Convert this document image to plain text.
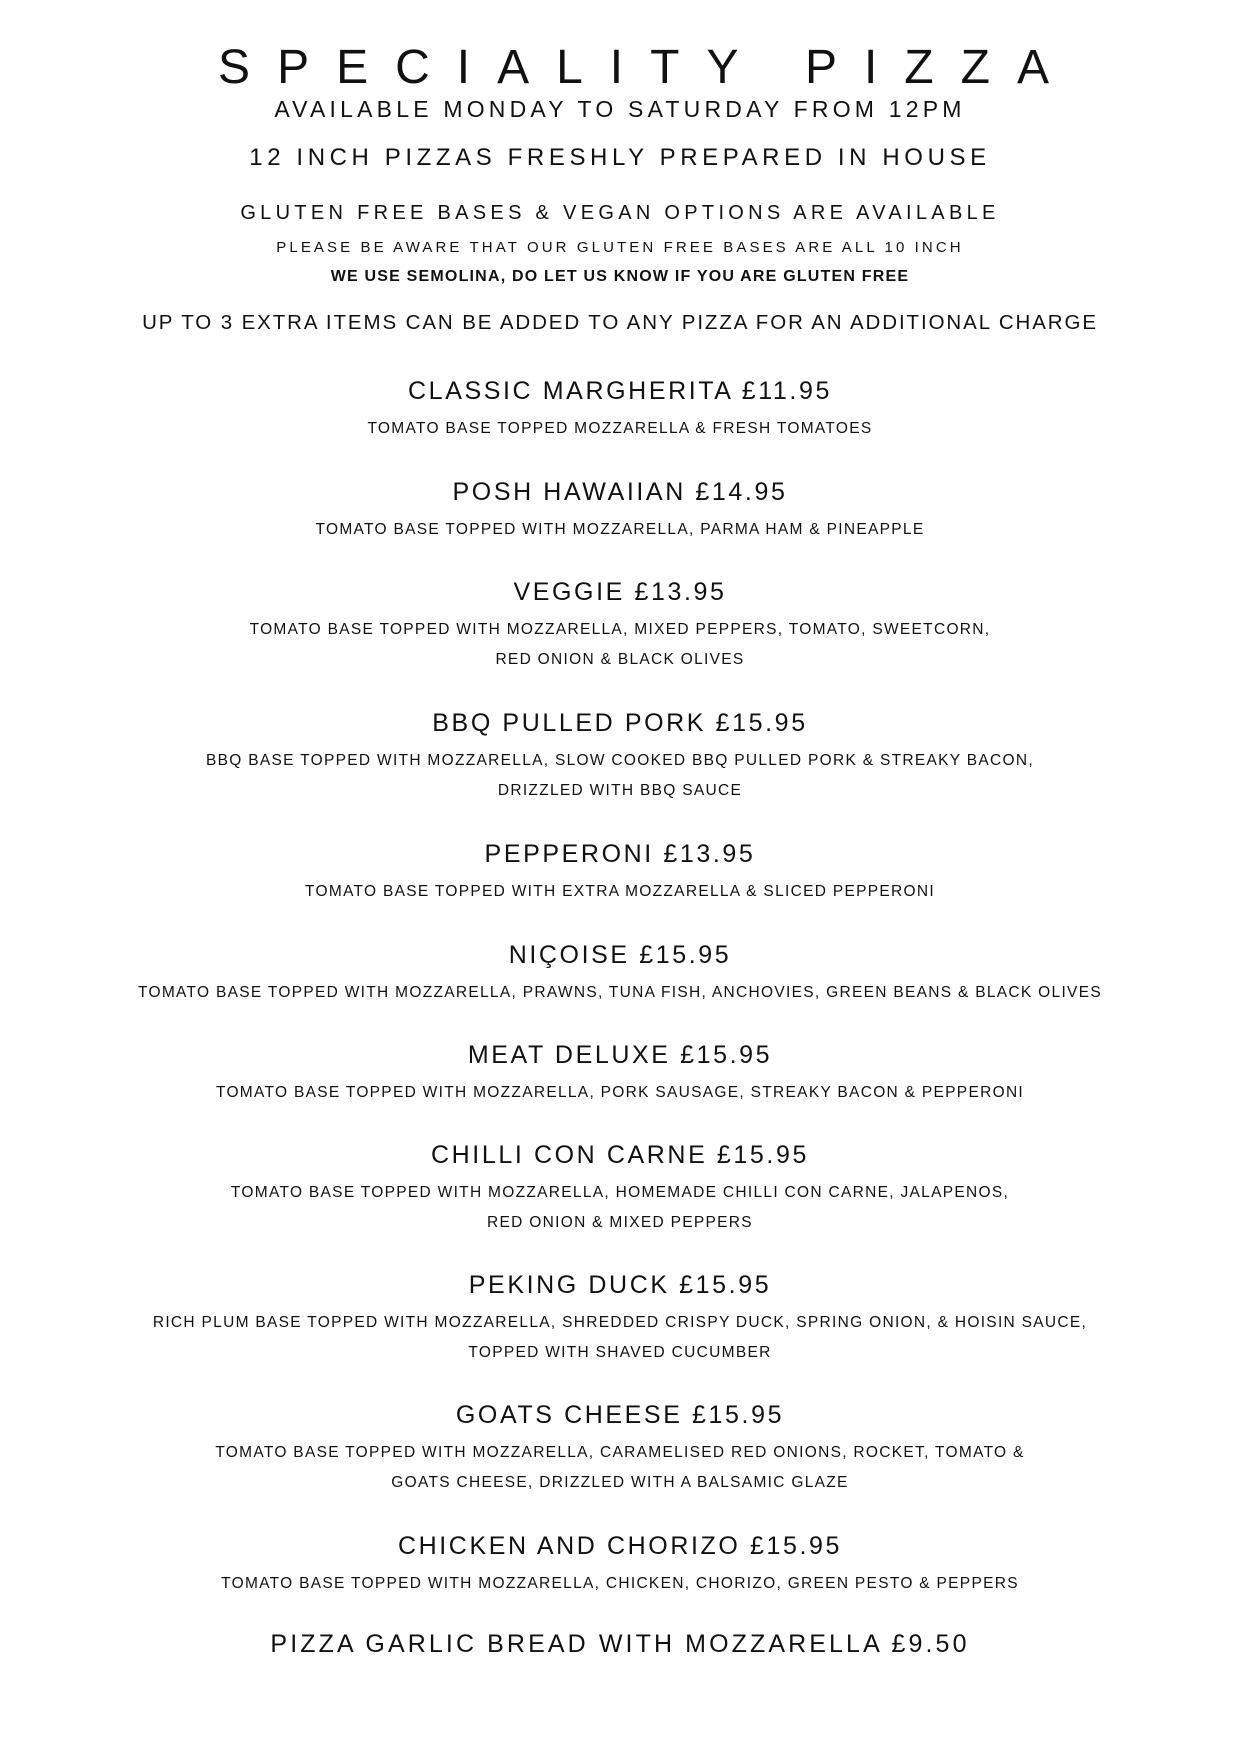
SPECIALITY PIZZA

AVAILABLE MONDAY TO SATURDAY FROM 12PM

12 INCH PIZZAS FRESHLY PREPARED IN HOUSE

GLUTEN FREE BASES & VEGAN OPTIONS ARE AVAILABLE

PLEASE BE AWARE THAT OUR GLUTEN FREE BASES ARE ALL 10 INCH

WE USE SEMOLINA, DO LET US KNOW IF YOU ARE GLUTEN FREE

UP TO 3 EXTRA ITEMS CAN BE ADDED TO ANY PIZZA FOR AN ADDITIONAL CHARGE

CLASSIC MARGHERITA £11.95

TOMATO BASE TOPPED MOZZARELLA & FRESH TOMATOES

POSH HAWAIIAN £14.95

TOMATO BASE TOPPED WITH MOZZARELLA, PARMA HAM & PINEAPPLE

VEGGIE £13.95

TOMATO BASE TOPPED WITH MOZZARELLA, MIXED PEPPERS, TOMATO, SWEETCORN,

RED ONION & BLACK OLIVES

BBQ PULLED PORK £15.95

BBQ BASE TOPPED WITH MOZZARELLA, SLOW COOKED BBQ PULLED PORK & STREAKY BACON,

DRIZZLED WITH BBQ SAUCE

PEPPERONI £13.95

TOMATO BASE TOPPED WITH EXTRA MOZZARELLA & SLICED PEPPERONI

NIÇOISE £15.95

TOMATO BASE TOPPED WITH MOZZARELLA, PRAWNS, TUNA FISH, ANCHOVIES, GREEN BEANS & BLACK OLIVES

MEAT DELUXE £15.95

TOMATO BASE TOPPED WITH MOZZARELLA, PORK SAUSAGE, STREAKY BACON & PEPPERONI

CHILLI CON CARNE £15.95

TOMATO BASE TOPPED WITH MOZZARELLA, HOMEMADE CHILLI CON CARNE, JALAPENOS,

RED ONION & MIXED PEPPERS

PEKING DUCK £15.95

RICH PLUM BASE TOPPED WITH MOZZARELLA, SHREDDED CRISPY DUCK, SPRING ONION, & HOISIN SAUCE,

TOPPED WITH SHAVED CUCUMBER

GOATS CHEESE £15.95

TOMATO BASE TOPPED WITH MOZZARELLA, CARAMELISED RED ONIONS, ROCKET, TOMATO &

GOATS CHEESE, DRIZZLED WITH A BALSAMIC GLAZE

CHICKEN AND CHORIZO £15.95

TOMATO BASE TOPPED WITH MOZZARELLA, CHICKEN, CHORIZO, GREEN PESTO & PEPPERS

PIZZA GARLIC BREAD WITH MOZZARELLA £9.50
